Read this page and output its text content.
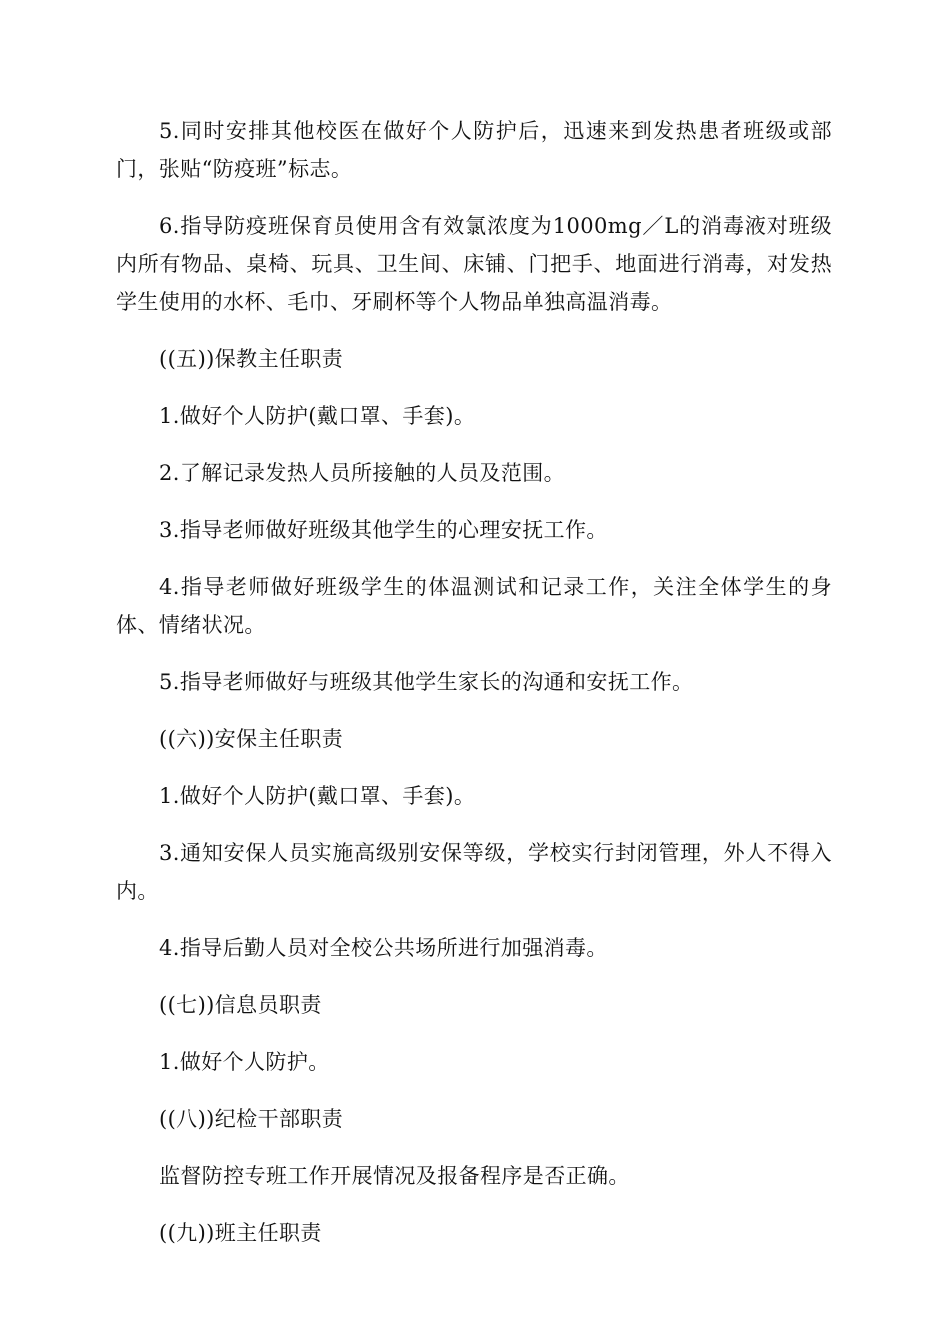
5.同时安排其他校医在做好个人防护后，迅速来到发热患者班级或部门，张贴“防疫班”标志。

6.指导防疫班保育员使用含有效氯浓度为1000mg／L的消毒液对班级内所有物品、桌椅、玩具、卫生间、床铺、门把手、地面进行消毒，对发热学生使用的水杯、毛巾、牙刷杯等个人物品单独高温消毒。

((五))保教主任职责

1.做好个人防护(戴口罩、手套)。

2.了解记录发热人员所接触的人员及范围。

3.指导老师做好班级其他学生的心理安抚工作。

4.指导老师做好班级学生的体温测试和记录工作，关注全体学生的身体、情绪状况。

5.指导老师做好与班级其他学生家长的沟通和安抚工作。

((六))安保主任职责

1.做好个人防护(戴口罩、手套)。

3.通知安保人员实施高级别安保等级，学校实行封闭管理，外人不得入内。

4.指导后勤人员对全校公共场所进行加强消毒。

((七))信息员职责

1.做好个人防护。

((八))纪检干部职责

监督防控专班工作开展情况及报备程序是否正确。

((九))班主任职责
